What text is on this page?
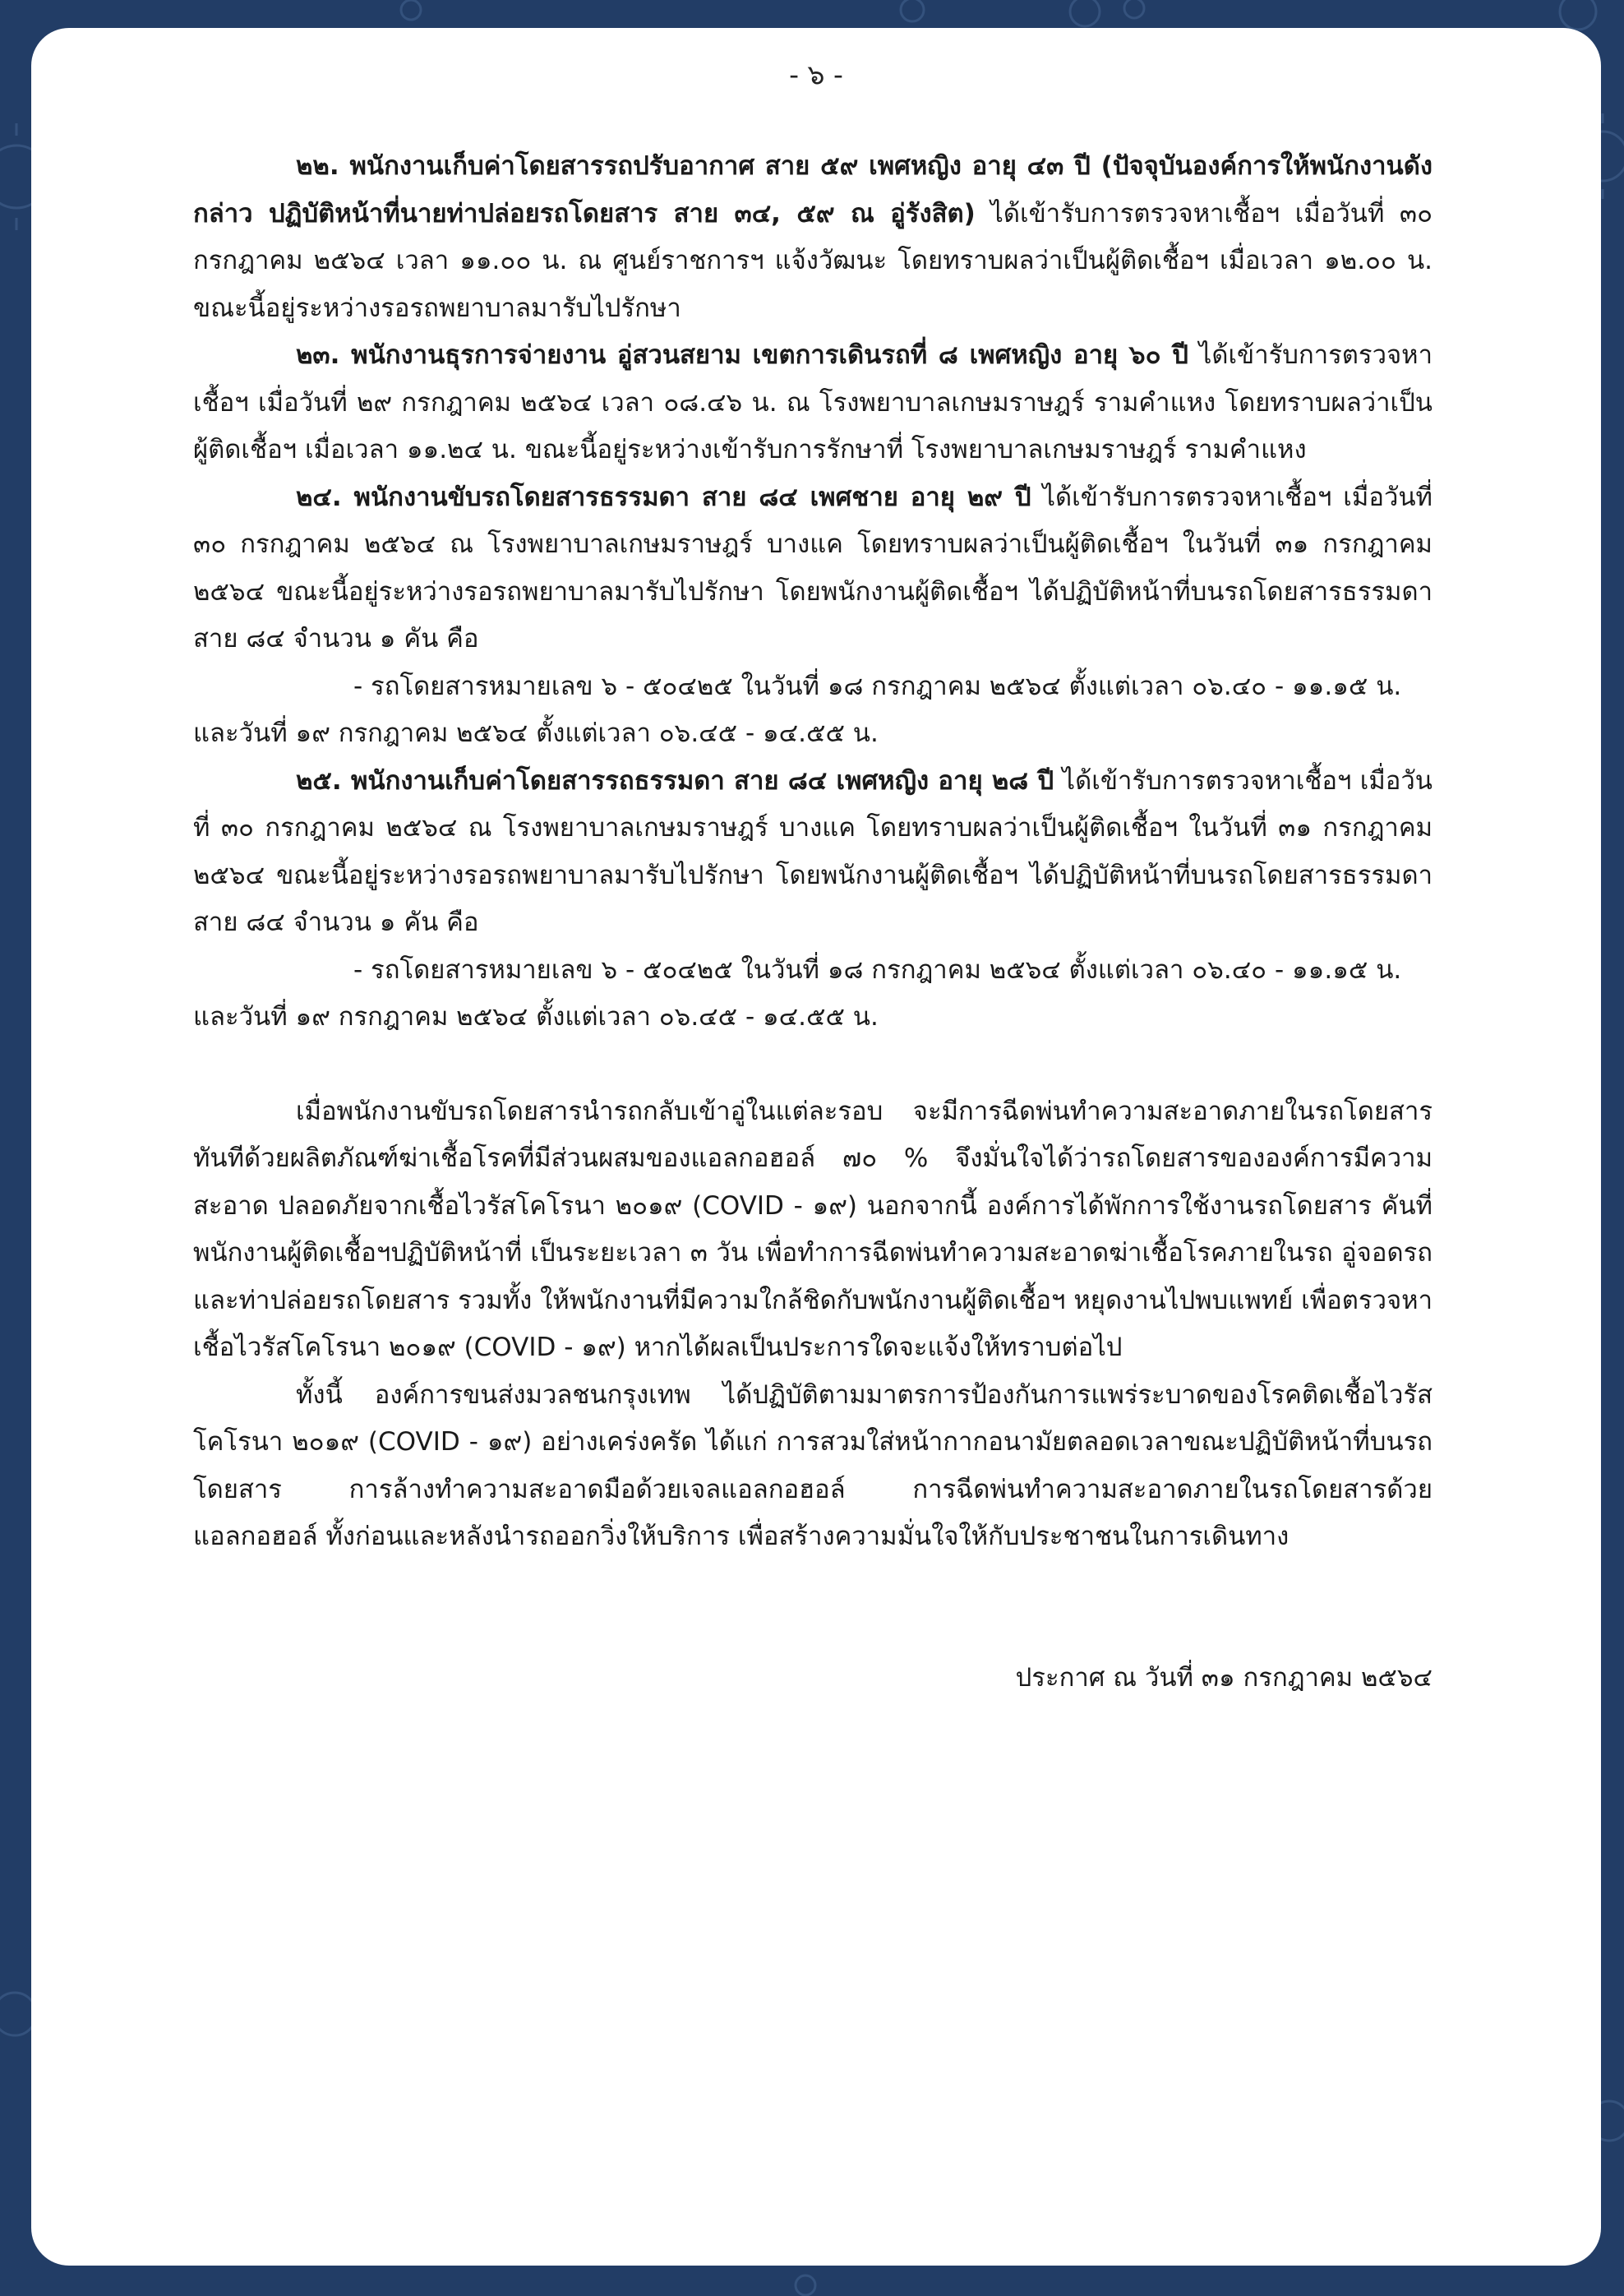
- ๖ -

๒๒. พนักงานเก็บค่าโดยสารรถปรับอากาศ สาย ๕๙ เพศหญิง อายุ ๔๓ ปี (ปัจจุบันองค์การให้พนักงานดังกล่าว ปฏิบัติหน้าที่นายท่าปล่อยรถโดยสาร สาย ๓๔, ๕๙ ณ อู่รังสิต) ได้เข้ารับการตรวจหาเชื้อฯ เมื่อวันที่ ๓๐ กรกฎาคม ๒๕๖๔ เวลา ๑๑.๐๐ น. ณ ศูนย์ราชการฯ แจ้งวัฒนะ โดยทราบผลว่าเป็นผู้ติดเชื้อฯ เมื่อเวลา ๑๒.๐๐ น. ขณะนี้อยู่ระหว่างรอรถพยาบาลมารับไปรักษา

๒๓. พนักงานธุรการจ่ายงาน อู่สวนสยาม เขตการเดินรถที่ ๘ เพศหญิง อายุ ๖๐ ปี ได้เข้ารับการตรวจหาเชื้อฯ เมื่อวันที่ ๒๙ กรกฎาคม ๒๕๖๔ เวลา ๐๘.๔๖ น. ณ โรงพยาบาลเกษมราษฎร์ รามคำแหง โดยทราบผลว่าเป็นผู้ติดเชื้อฯ เมื่อเวลา ๑๑.๒๔ น. ขณะนี้อยู่ระหว่างเข้ารับการรักษาที่ โรงพยาบาลเกษมราษฎร์ รามคำแหง

๒๔. พนักงานขับรถโดยสารธรรมดา สาย ๘๔ เพศชาย อายุ ๒๙ ปี ได้เข้ารับการตรวจหาเชื้อฯ เมื่อวันที่ ๓๐ กรกฎาคม ๒๕๖๔ ณ โรงพยาบาลเกษมราษฎร์ บางแค โดยทราบผลว่าเป็นผู้ติดเชื้อฯ ในวันที่ ๓๑ กรกฎาคม ๒๕๖๔ ขณะนี้อยู่ระหว่างรอรถพยาบาลมารับไปรักษา โดยพนักงานผู้ติดเชื้อฯ ได้ปฏิบัติหน้าที่บนรถโดยสารธรรมดา สาย ๘๔ จำนวน ๑ คัน คือ

- รถโดยสารหมายเลข ๖ - ๕๐๔๒๕ ในวันที่ ๑๘ กรกฎาคม ๒๕๖๔ ตั้งแต่เวลา ๐๖.๔๐ - ๑๑.๑๕ น.

และวันที่ ๑๙ กรกฎาคม ๒๕๖๔ ตั้งแต่เวลา ๐๖.๔๕ - ๑๔.๕๕ น.

๒๕. พนักงานเก็บค่าโดยสารรถธรรมดา สาย ๘๔ เพศหญิง อายุ ๒๘ ปี ได้เข้ารับการตรวจหาเชื้อฯ เมื่อวันที่ ๓๐ กรกฎาคม ๒๕๖๔ ณ โรงพยาบาลเกษมราษฎร์ บางแค โดยทราบผลว่าเป็นผู้ติดเชื้อฯ ในวันที่ ๓๑ กรกฎาคม ๒๕๖๔ ขณะนี้อยู่ระหว่างรอรถพยาบาลมารับไปรักษา โดยพนักงานผู้ติดเชื้อฯ ได้ปฏิบัติหน้าที่บนรถโดยสารธรรมดา สาย ๘๔ จำนวน ๑ คัน คือ

- รถโดยสารหมายเลข ๖ - ๕๐๔๒๕ ในวันที่ ๑๘ กรกฎาคม ๒๕๖๔ ตั้งแต่เวลา ๐๖.๔๐ - ๑๑.๑๕ น.

และวันที่ ๑๙ กรกฎาคม ๒๕๖๔ ตั้งแต่เวลา ๐๖.๔๕ - ๑๔.๕๕ น.

เมื่อพนักงานขับรถโดยสารนำรถกลับเข้าอู่ในแต่ละรอบ จะมีการฉีดพ่นทำความสะอาดภายในรถโดยสารทันทีด้วยผลิตภัณฑ์ฆ่าเชื้อโรคที่มีส่วนผสมของแอลกอฮอล์ ๗๐ % จึงมั่นใจได้ว่ารถโดยสารขององค์การมีความสะอาด ปลอดภัยจากเชื้อไวรัสโคโรนา ๒๐๑๙ (COVID - ๑๙) นอกจากนี้ องค์การได้พักการใช้งานรถโดยสาร คันที่พนักงานผู้ติดเชื้อฯปฏิบัติหน้าที่ เป็นระยะเวลา ๓ วัน เพื่อทำการฉีดพ่นทำความสะอาดฆ่าเชื้อโรคภายในรถ อู่จอดรถ และท่าปล่อยรถโดยสาร รวมทั้ง ให้พนักงานที่มีความใกล้ชิดกับพนักงานผู้ติดเชื้อฯ หยุดงานไปพบแพทย์ เพื่อตรวจหาเชื้อไวรัสโคโรนา ๒๐๑๙ (COVID - ๑๙) หากได้ผลเป็นประการใดจะแจ้งให้ทราบต่อไป

ทั้งนี้ องค์การขนส่งมวลชนกรุงเทพ ได้ปฏิบัติตามมาตรการป้องกันการแพร่ระบาดของโรคติดเชื้อไวรัสโคโรนา ๒๐๑๙ (COVID - ๑๙) อย่างเคร่งครัด ได้แก่ การสวมใส่หน้ากากอนามัยตลอดเวลาขณะปฏิบัติหน้าที่บนรถโดยสาร การล้างทำความสะอาดมือด้วยเจลแอลกอฮอล์ การฉีดพ่นทำความสะอาดภายในรถโดยสารด้วยแอลกอฮอล์ ทั้งก่อนและหลังนำรถออกวิ่งให้บริการ เพื่อสร้างความมั่นใจให้กับประชาชนในการเดินทาง

ประกาศ ณ วันที่ ๓๑ กรกฎาคม ๒๕๖๔
